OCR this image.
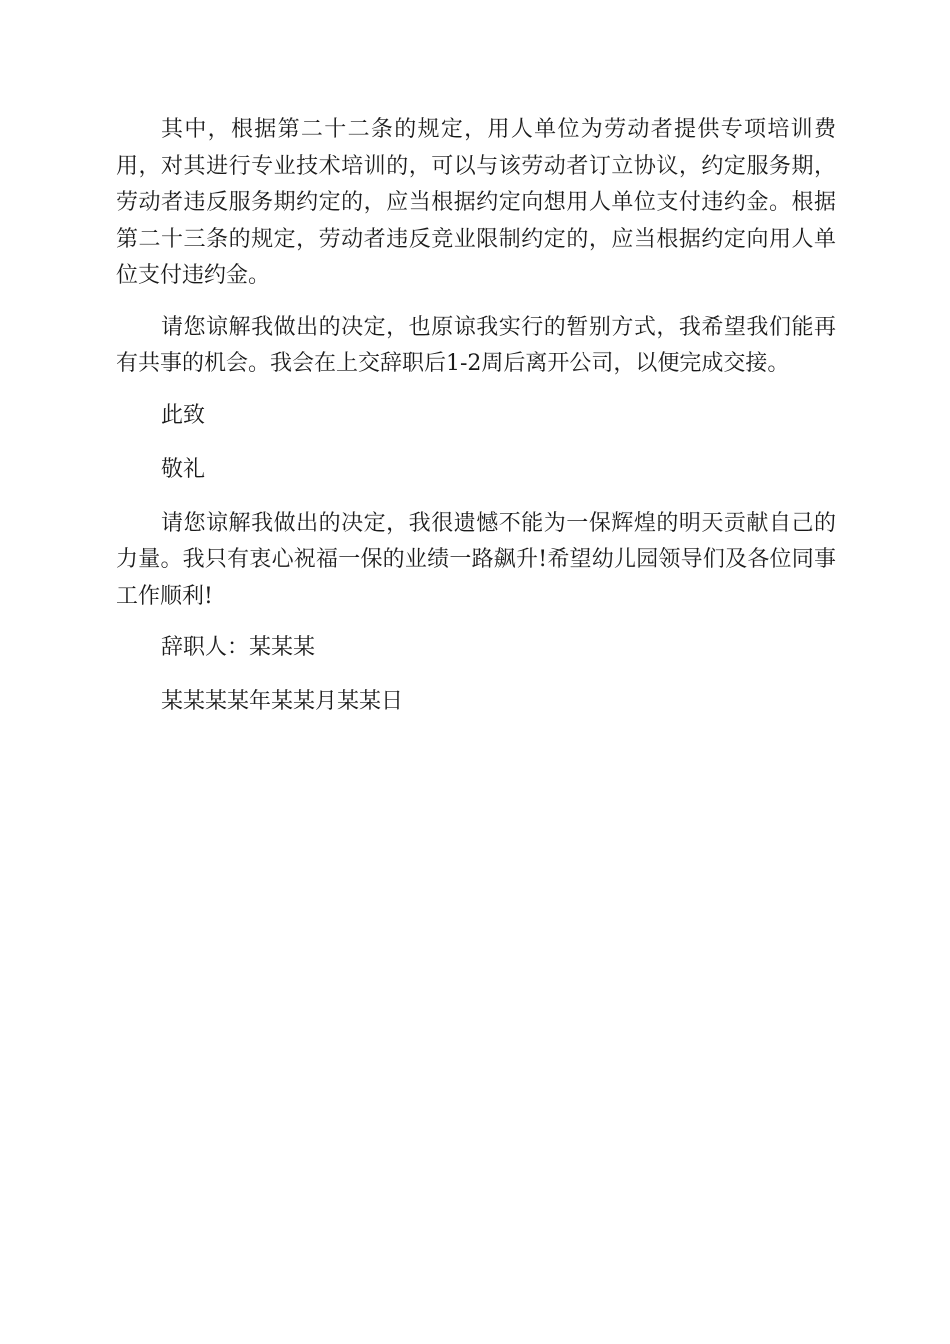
其中，根据第二十二条的规定，用人单位为劳动者提供专项培训费用，对其进行专业技术培训的，可以与该劳动者订立协议，约定服务期，劳动者违反服务期约定的，应当根据约定向想用人单位支付违约金。根据第二十三条的规定，劳动者违反竞业限制约定的，应当根据约定向用人单位支付违约金。

请您谅解我做出的决定，也原谅我实行的暂别方式，我希望我们能再有共事的机会。我会在上交辞职后1-2周后离开公司，以便完成交接。

此致

敬礼

请您谅解我做出的决定，我很遗憾不能为一保辉煌的明天贡献自己的力量。我只有衷心祝福一保的业绩一路飙升!希望幼儿园领导们及各位同事工作顺利!

辞职人：某某某

某某某某年某某月某某日
